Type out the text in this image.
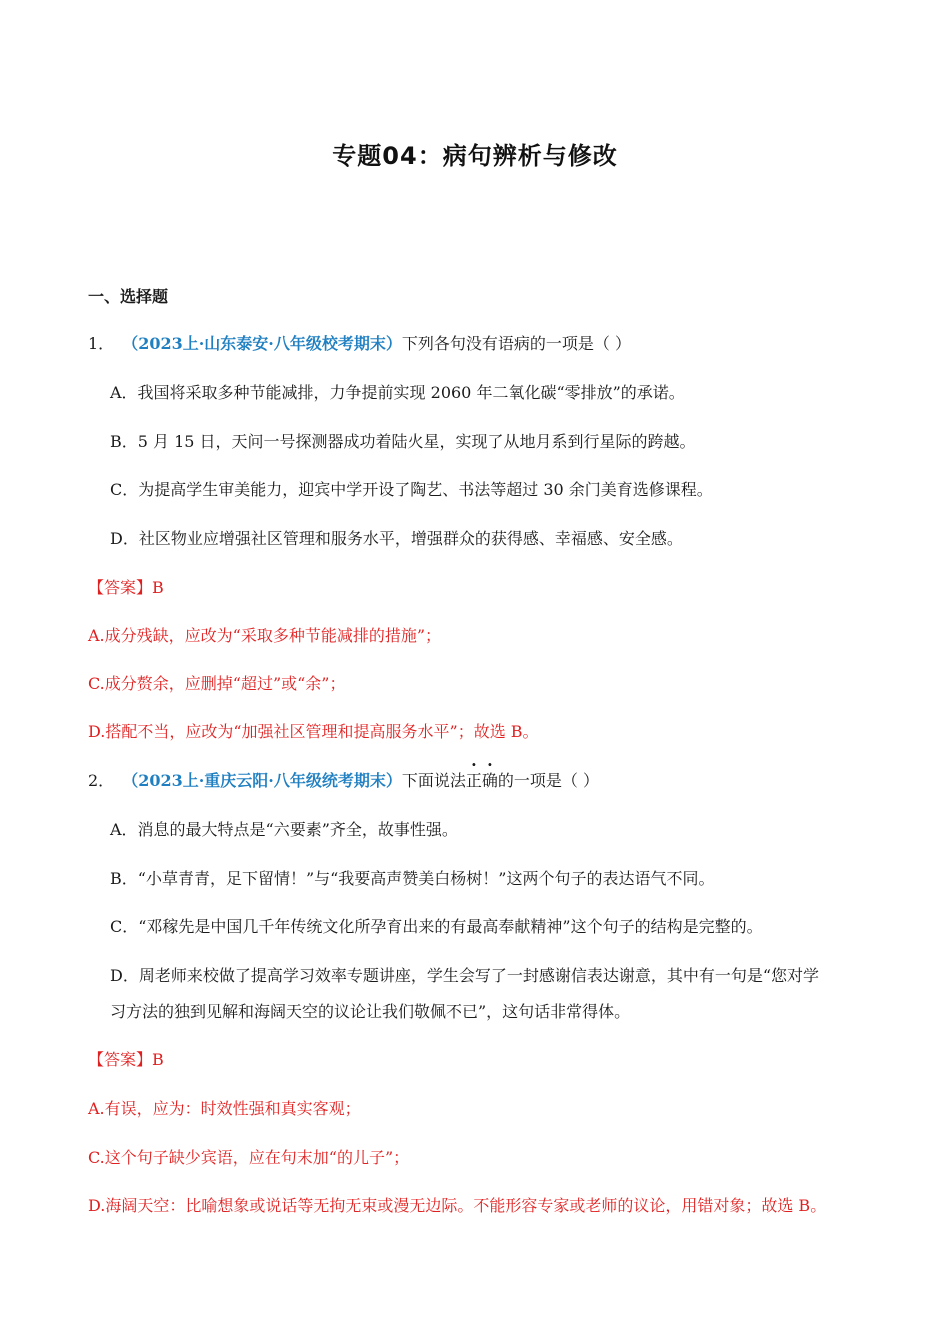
专题04：病句辨析与修改
一、选择题
1． （2023上·山东泰安·八年级校考期末）下列各句没有语病的一项是（ ）
A．我国将采取多种节能减排，力争提前实现 2060 年二氧化碳“零排放”的承诺。
B．5 月 15 日，天问一号探测器成功着陆火星，实现了从地月系到行星际的跨越。
C．为提高学生审美能力，迎宾中学开设了陶艺、书法等超过 30 余门美育选修课程。
D．社区物业应增强社区管理和服务水平，增强群众的获得感、幸福感、安全感。
【答案】B
A.成分残缺，应改为“采取多种节能减排的措施”；
C.成分赘余，应删掉“超过”或“余”；
D.搭配不当，应改为“加强社区管理和提高服务水平”；故选 B。
2． （2023上·重庆云阳·八年级统考期末）下面说法正确的一项是（ ）
A．消息的最大特点是“六要素”齐全，故事性强。
B．“小草青青，足下留情！”与“我要高声赞美白杨树！”这两个句子的表达语气不同。
C．“邓稼先是中国几千年传统文化所孕育出来的有最高奉献精神”这个句子的结构是完整的。
D．周老师来校做了提高学习效率专题讲座，学生会写了一封感谢信表达谢意，其中有一句是“您对学
习方法的独到见解和海阔天空的议论让我们敬佩不已”，这句话非常得体。
【答案】B
A.有误，应为：时效性强和真实客观；
C.这个句子缺少宾语，应在句末加“的儿子”；
D.海阔天空：比喻想象或说话等无拘无束或漫无边际。不能形容专家或老师的议论，用错对象；故选 B。
